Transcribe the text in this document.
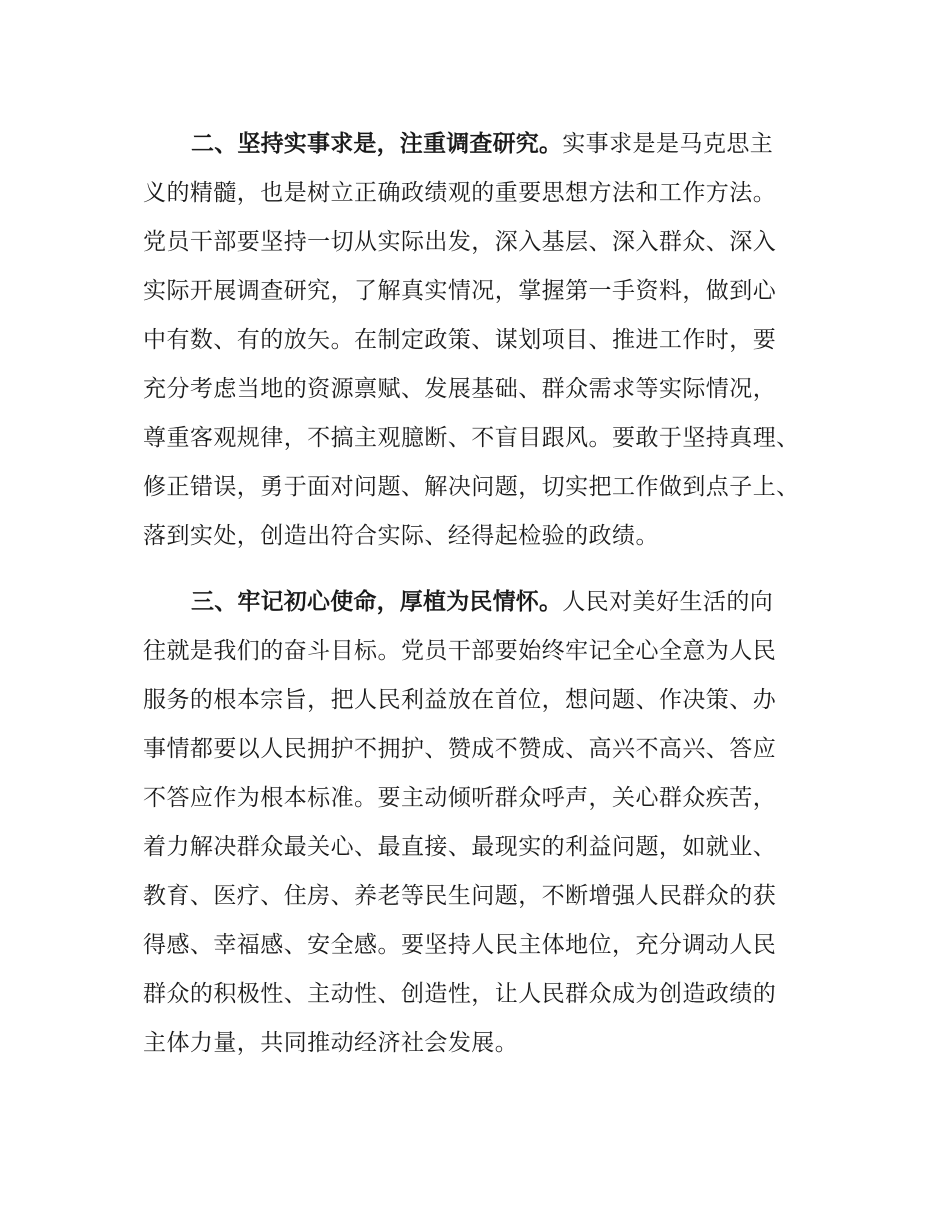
二、坚持实事求是，注重调查研究。实事求是是马克思主
义的精髓，也是树立正确政绩观的重要思想方法和工作方法。
党员干部要坚持一切从实际出发，深入基层、深入群众、深入
实际开展调查研究，了解真实情况，掌握第一手资料，做到心
中有数、有的放矢。在制定政策、谋划项目、推进工作时，要
充分考虑当地的资源禀赋、发展基础、群众需求等实际情况，
尊重客观规律，不搞主观臆断、不盲目跟风。要敢于坚持真理、
修正错误，勇于面对问题、解决问题，切实把工作做到点子上、
落到实处，创造出符合实际、经得起检验的政绩。
三、牢记初心使命，厚植为民情怀。人民对美好生活的向
往就是我们的奋斗目标。党员干部要始终牢记全心全意为人民
服务的根本宗旨，把人民利益放在首位，想问题、作决策、办
事情都要以人民拥护不拥护、赞成不赞成、高兴不高兴、答应
不答应作为根本标准。要主动倾听群众呼声，关心群众疾苦，
着力解决群众最关心、最直接、最现实的利益问题，如就业、
教育、医疗、住房、养老等民生问题，不断增强人民群众的获
得感、幸福感、安全感。要坚持人民主体地位，充分调动人民
群众的积极性、主动性、创造性，让人民群众成为创造政绩的
主体力量，共同推动经济社会发展。
